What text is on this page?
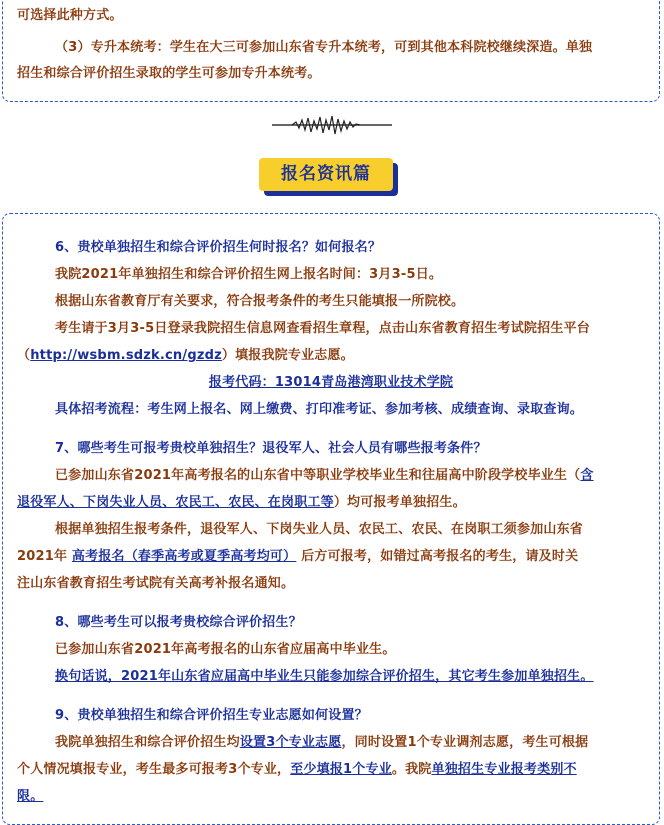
可选择此种方式。
（3）专升本统考：学生在大三可参加山东省专升本统考，可到其他本科院校继续深造。单独
招生和综合评价招生录取的学生可参加专升本统考。
报名资讯篇
6、贵校单独招生和综合评价招生何时报名？如何报名？
我院2021年单独招生和综合评价招生网上报名时间：3月3-5日。
根据山东省教育厅有关要求，符合报考条件的考生只能填报一所院校。
考生请于3月3-5日登录我院招生信息网查看招生章程，点击山东省教育招生考试院招生平台
（http://wsbm.sdzk.cn/gzdz）填报我院专业志愿。
报考代码：13014青岛港湾职业技术学院
具体招考流程：考生网上报名、网上缴费、打印准考证、参加考核、成绩查询、录取查询。
7、哪些考生可报考贵校单独招生？退役军人、社会人员有哪些报考条件？
已参加山东省2021年高考报名的山东省中等职业学校毕业生和往届高中阶段学校毕业生（含
退役军人、下岗失业人员、农民工、农民、在岗职工等）均可报考单独招生。
根据单独招生报考条件，退役军人、下岗失业人员、农民工、农民、在岗职工须参加山东省
2021年 高考报名（春季高考或夏季高考均可） 后方可报考，如错过高考报名的考生，请及时关
注山东省教育招生考试院有关高考补报名通知。
8、哪些考生可以报考贵校综合评价招生？
已参加山东省2021年高考报名的山东省应届高中毕业生。
换句话说，2021年山东省应届高中毕业生只能参加综合评价招生，其它考生参加单独招生。
9、贵校单独招生和综合评价招生专业志愿如何设置？
我院单独招生和综合评价招生均设置3个专业志愿，同时设置1个专业调剂志愿，考生可根据
个人情况填报专业，考生最多可报考3个专业，至少填报1个专业。我院单独招生专业报考类别不
限。
